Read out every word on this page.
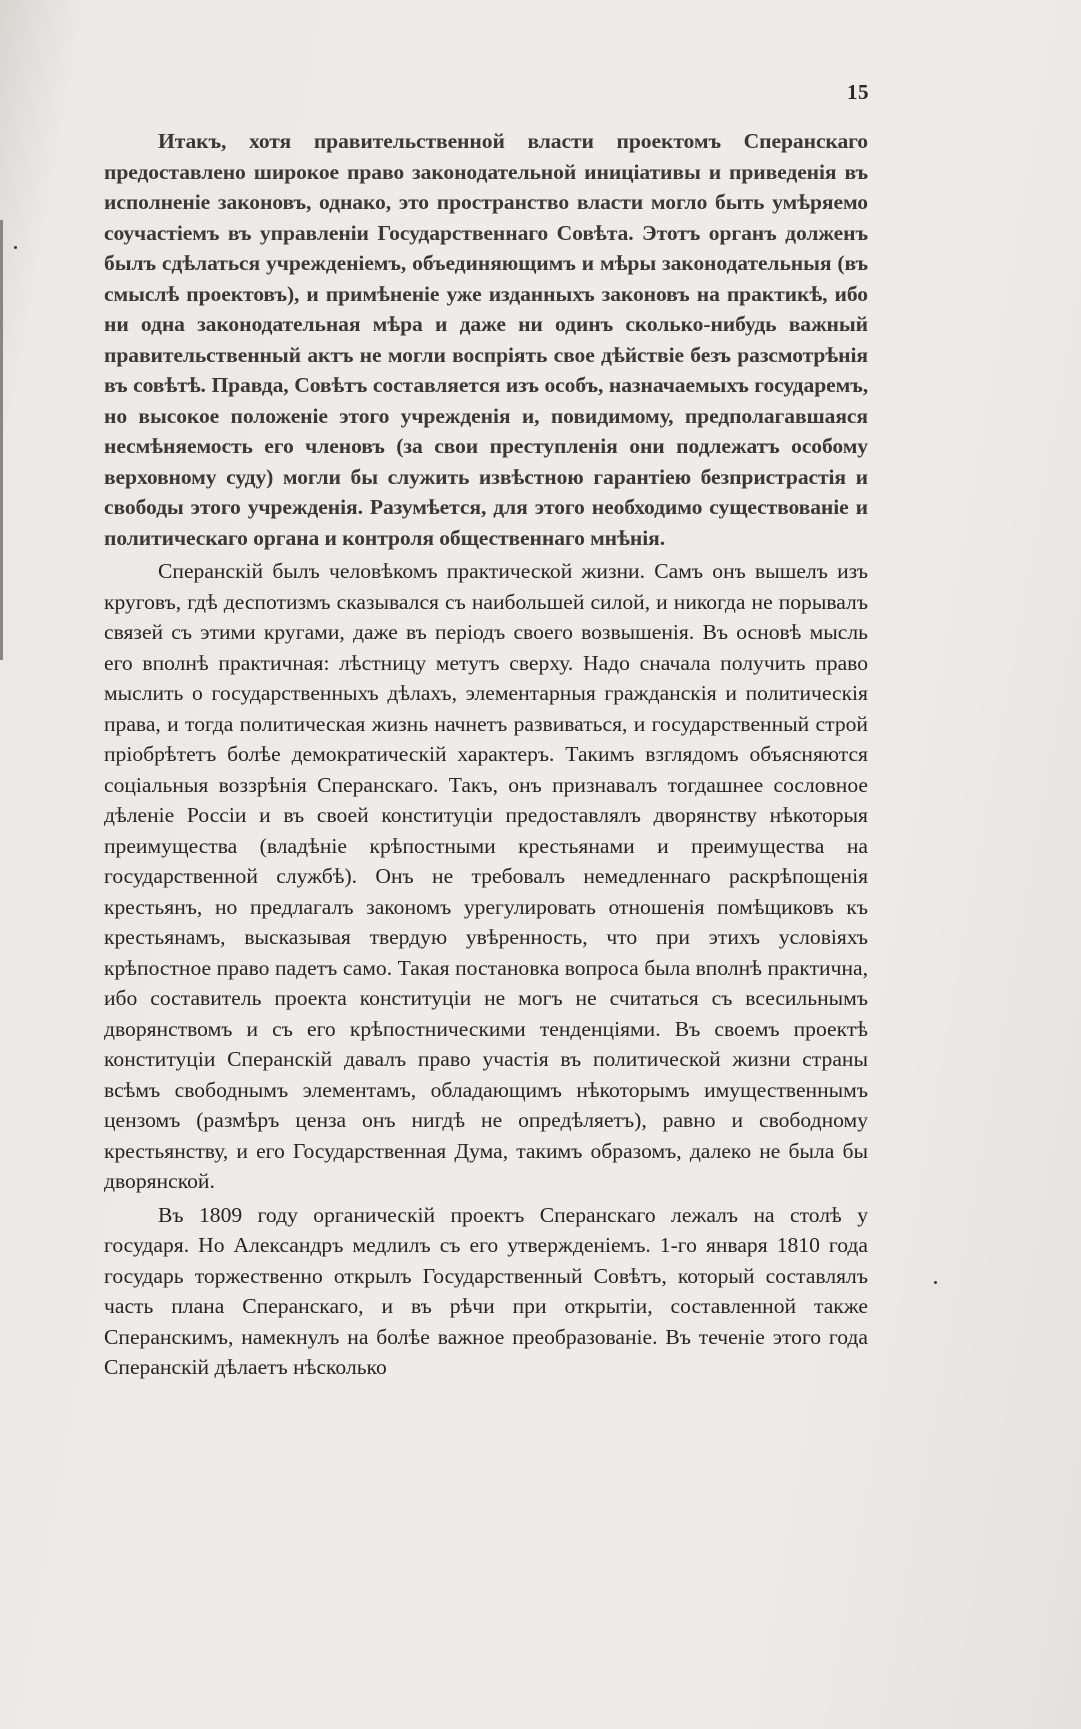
15

Итакъ, хотя правительственной власти проектомъ Сперанскаго предоставлено широкое право законодательной иницiативы и приведенiя въ исполненiе законовъ, однако, это пространство власти могло быть умѣряемо соучастiемъ въ управленiи Государственнаго Совѣта. Этотъ органъ долженъ былъ сдѣлаться учрежденiемъ, объединяющимъ и мѣры законодательныя (въ смыслѣ проектовъ), и примѣненiе уже изданныхъ законовъ на практикѣ, ибо ни одна законодательная мѣра и даже ни одинъ сколько-нибудь важный правительственный актъ не могли воспрiять свое дѣйствiе безъ разсмотрѣнiя въ совѣтѣ. Правда, Совѣтъ составляется изъ особъ, назначаемыхъ государемъ, но высокое положенiе этого учрежденiя и, повидимому, предполагавшаяся несмѣняемость его членовъ (за свои преступленiя они подлежатъ особому верховному суду) могли бы служить извѣстною гарантiею безпристрастiя и свободы этого учрежденiя. Разумѣется, для этого необходимо существованiе и политическаго органа и контроля общественнаго мнѣнiя.

Сперанскiй былъ человѣкомъ практической жизни. Самъ онъ вышелъ изъ круговъ, гдѣ деспотизмъ сказывался съ наибольшей силой, и никогда не порывалъ связей съ этими кругами, даже въ перiодъ своего возвышенiя. Въ основѣ мысль его вполнѣ практичная: лѣстницу метутъ сверху. Надо сначала получить право мыслить о государственныхъ дѣлахъ, элементарныя гражданскiя и политическiя права, и тогда политическая жизнь начнетъ развиваться, и государственный строй прiобрѣтетъ болѣе демократическiй характеръ. Такимъ взглядомъ объясняются соцiальныя воззрѣнiя Сперанскаго. Такъ, онъ признавалъ тогдашнее сословное дѣленiе Россiи и въ своей конституцiи предоставлялъ дворянству нѣкоторыя преимущества (владѣнiе крѣпостными крестьянами и преимущества на государственной службѣ). Онъ не требовалъ немедленнаго раскрѣпощенiя крестьянъ, но предлагалъ закономъ урегулировать отношенiя помѣщиковъ къ крестьянамъ, высказывая твердую увѣренность, что при этихъ условiяхъ крѣпостное право падетъ само. Такая постановка вопроса была вполнѣ практична, ибо составитель проекта конституцiи не могъ не считаться съ всесильнымъ дворянствомъ и съ его крѣпостническими тенденцiями. Въ своемъ проектѣ конституцiи Сперанскiй давалъ право участiя въ политической жизни страны всѣмъ свободнымъ элементамъ, обладающимъ нѣкоторымъ имущественнымъ цензомъ (размѣръ ценза онъ нигдѣ не опредѣляетъ), равно и свободному крестьянству, и его Государственная Дума, такимъ образомъ, далеко не была бы дворянской.

Въ 1809 году органическiй проектъ Сперанскаго лежалъ на столѣ у государя. Но Александръ медлилъ съ его утвержденiемъ. 1-го января 1810 года государь торжественно открылъ Государственный Совѣтъ, который составлялъ часть плана Сперанскаго, и въ рѣчи при открытiи, составленной также Сперанскимъ, намекнулъ на болѣе важное преобразованiе. Въ теченiе этого года Сперанскiй дѣлаетъ нѣсколько
